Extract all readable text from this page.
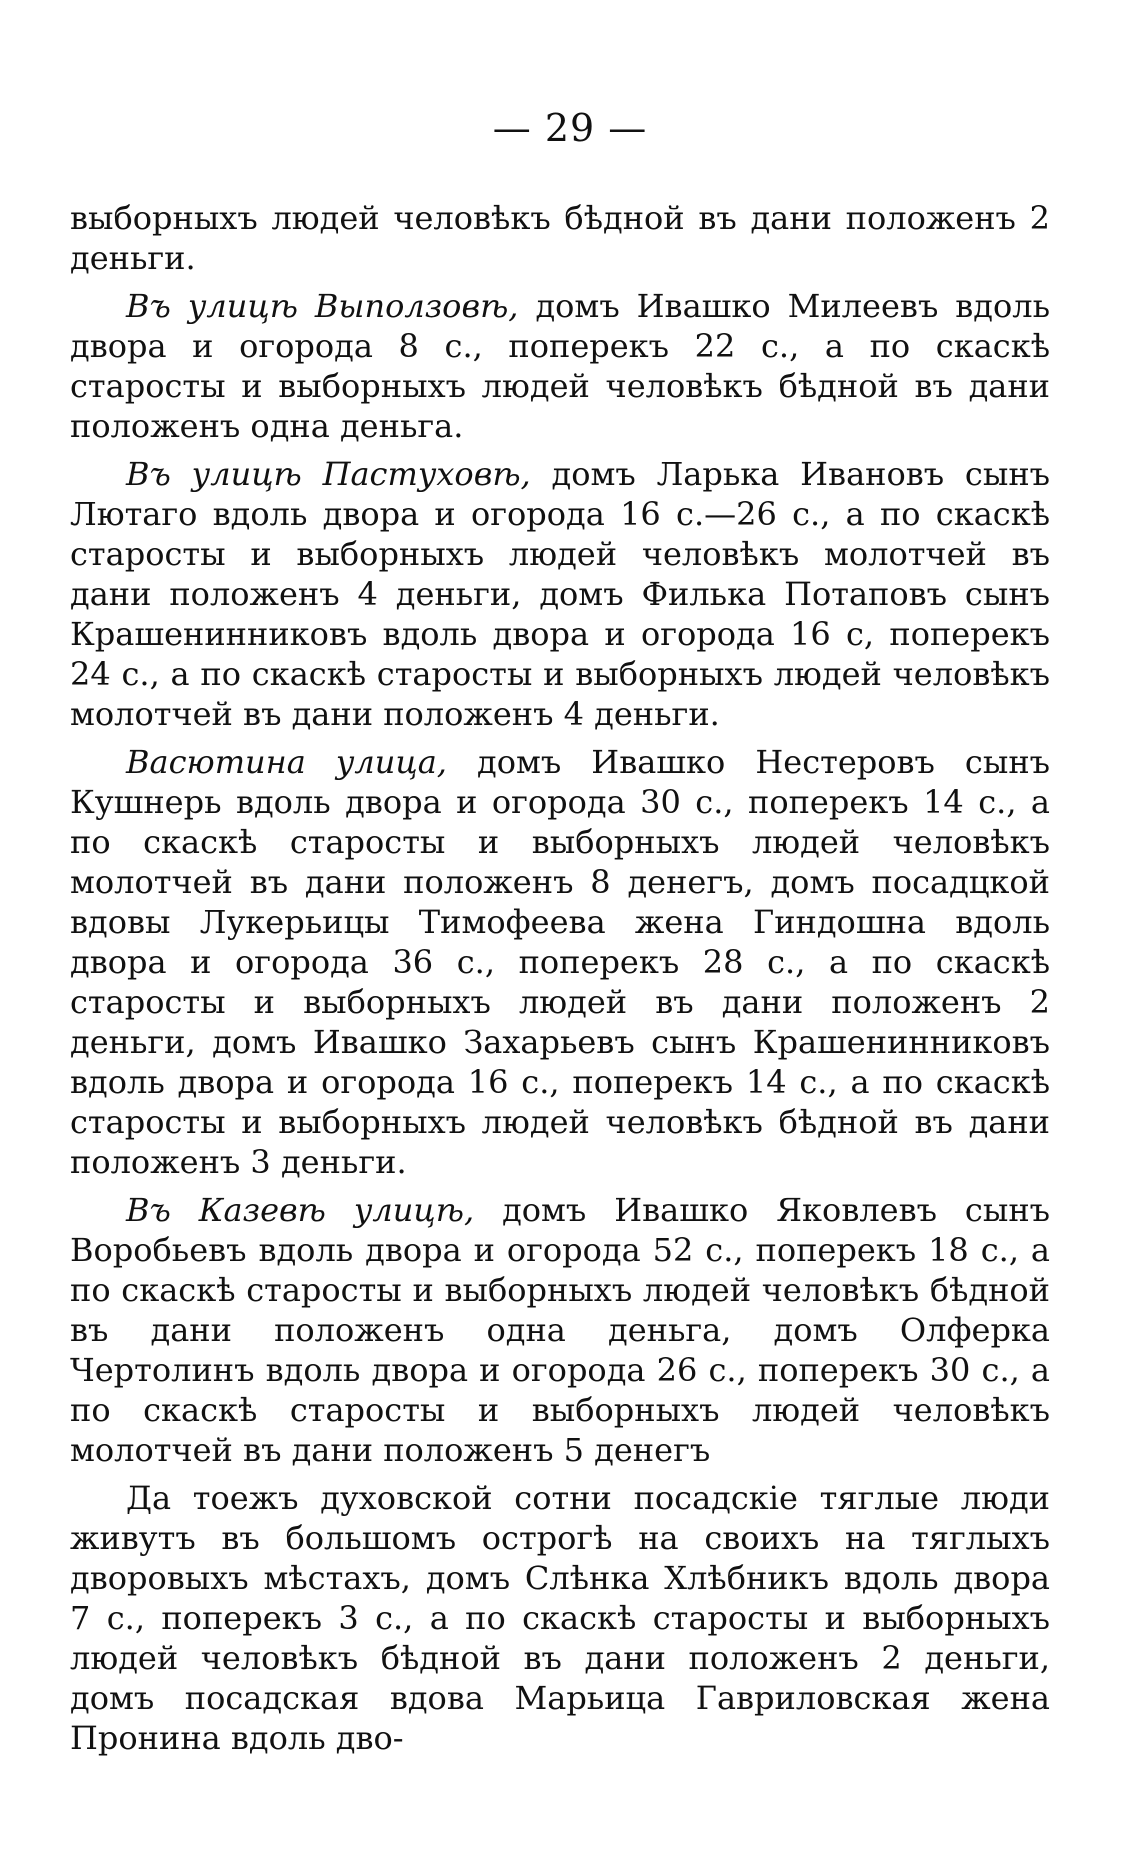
— 29 —

выборныхъ людей человѣкъ бѣдной въ дани положенъ 2 деньги.

Въ улицѣ Выползовѣ, домъ Ивашко Милеевъ вдоль двора и огорода 8 с., поперекъ 22 с., а по скаскѣ старосты и выборныхъ людей человѣкъ бѣдной въ дани положенъ одна деньга.

Въ улицѣ Пастуховѣ, домъ Ларька Ивановъ сынъ Лютаго вдоль двора и огорода 16 с.—26 с., а по скаскѣ старосты и выборныхъ людей человѣкъ молотчей въ дани положенъ 4 деньги, домъ Филька Потаповъ сынъ Крашенинниковъ вдоль двора и огорода 16 с, поперекъ 24 с., а по скаскѣ старосты и выборныхъ людей человѣкъ молотчей въ дани положенъ 4 деньги.

Васютина улица, домъ Ивашко Нестеровъ сынъ Кушнерь вдоль двора и огорода 30 с., поперекъ 14 с., а по скаскѣ старосты и выборныхъ людей человѣкъ молотчей въ дани положенъ 8 денегъ, домъ посадцкой вдовы Лукерьицы Тимофеева жена Гиндошна вдоль двора и огорода 36 с., поперекъ 28 с., а по скаскѣ старосты и выборныхъ людей въ дани положенъ 2 деньги, домъ Ивашко Захарьевъ сынъ Крашенинниковъ вдоль двора и огорода 16 с., поперекъ 14 с., а по скаскѣ старосты и выборныхъ людей человѣкъ бѣдной въ дани положенъ 3 деньги.

Въ Казевѣ улицѣ, домъ Ивашко Яковлевъ сынъ Воробьевъ вдоль двора и огорода 52 с., поперекъ 18 с., а по скаскѣ старосты и выборныхъ людей человѣкъ бѣдной въ дани положенъ одна деньга, домъ Олферка Чертолинъ вдоль двора и огорода 26 с., поперекъ 30 с., а по скаскѣ старосты и выборныхъ людей человѣкъ молотчей въ дани положенъ 5 денегъ

Да тоежъ духовской сотни посадскіе тяглые люди живутъ въ большомъ острогѣ на своихъ на тяглыхъ дворовыхъ мѣстахъ, домъ Слѣнка Хлѣбникъ вдоль двора 7 с., поперекъ 3 с., а по скаскѣ старосты и выборныхъ людей человѣкъ бѣдной въ дани положенъ 2 деньги, домъ посадская вдова Марьица Гавриловская жена Пронина вдоль дво-
